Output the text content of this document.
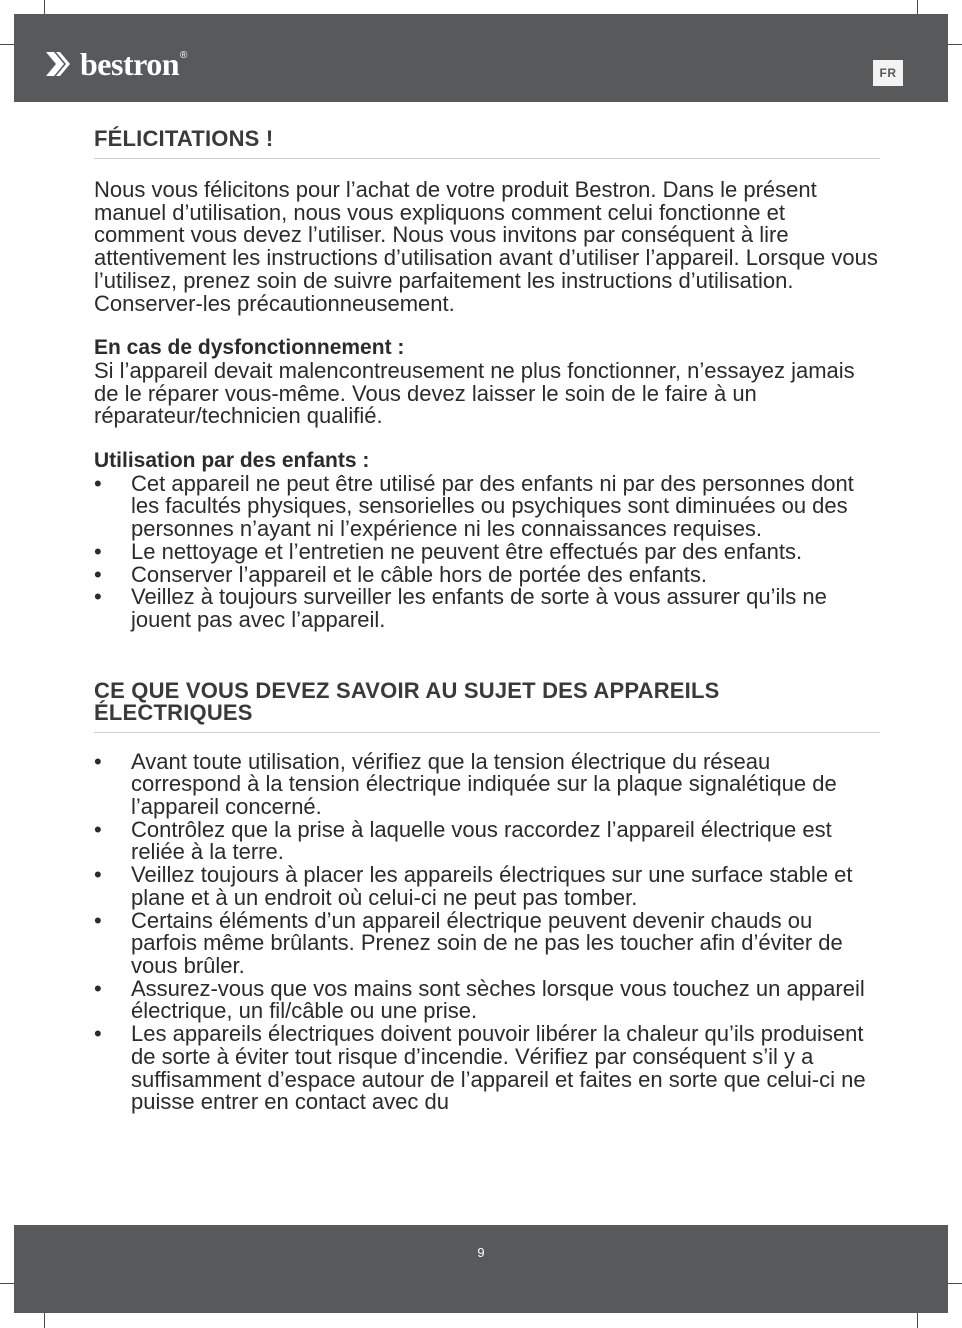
bestron ®
FR
FÉLICITATIONS !

Nous vous félicitons pour l’achat de votre produit Bestron. Dans le présent manuel d’utilisation, nous vous expliquons comment celui fonctionne et comment vous devez l’utiliser. Nous vous invitons par conséquent à lire attentivement les instructions d’utilisation avant d’utiliser l’appareil. Lorsque vous l’utilisez, prenez soin de suivre parfaitement les instructions d’utilisation. Conserver-les précautionneusement.

En cas de dysfonctionnement :

Si l’appareil devait malencontreusement ne plus fonctionner, n’essayez jamais de le réparer vous-même. Vous devez laisser le soin de le faire à un réparateur/technicien qualifié.

Utilisation par des enfants :

• Cet appareil ne peut être utilisé par des enfants ni par des personnes dont les facultés physiques, sensorielles ou psychiques sont diminuées ou des personnes n’ayant ni l’expérience ni les connaissances requises.
• Le nettoyage et l’entretien ne peuvent être effectués par des enfants.
• Conserver l’appareil et le câble hors de portée des enfants.
• Veillez à toujours surveiller les enfants de sorte à vous assurer qu’ils ne jouent pas avec l’appareil.
CE QUE VOUS DEVEZ SAVOIR AU SUJET DES APPAREILS ÉLECTRIQUES
• Avant toute utilisation, vérifiez que la tension électrique du réseau correspond à la tension électrique indiquée sur la plaque signalétique de l’appareil concerné.
• Contrôlez que la prise à laquelle vous raccordez l’appareil électrique est reliée à la terre.
• Veillez toujours à placer les appareils électriques sur une surface stable et plane et à un endroit où celui-ci ne peut pas tomber.
• Certains éléments d’un appareil électrique peuvent devenir chauds ou parfois même brûlants. Prenez soin de ne pas les toucher afin d’éviter de vous brûler.
• Assurez-vous que vos mains sont sèches lorsque vous touchez un appareil électrique, un fil/câble ou une prise.
• Les appareils électriques doivent pouvoir libérer la chaleur qu’ils produisent de sorte à éviter tout risque d’incendie. Vérifiez par conséquent s’il y a suffisamment d’espace autour de l’appareil et faites en sorte que celui-ci ne puisse entrer en contact avec du
9
